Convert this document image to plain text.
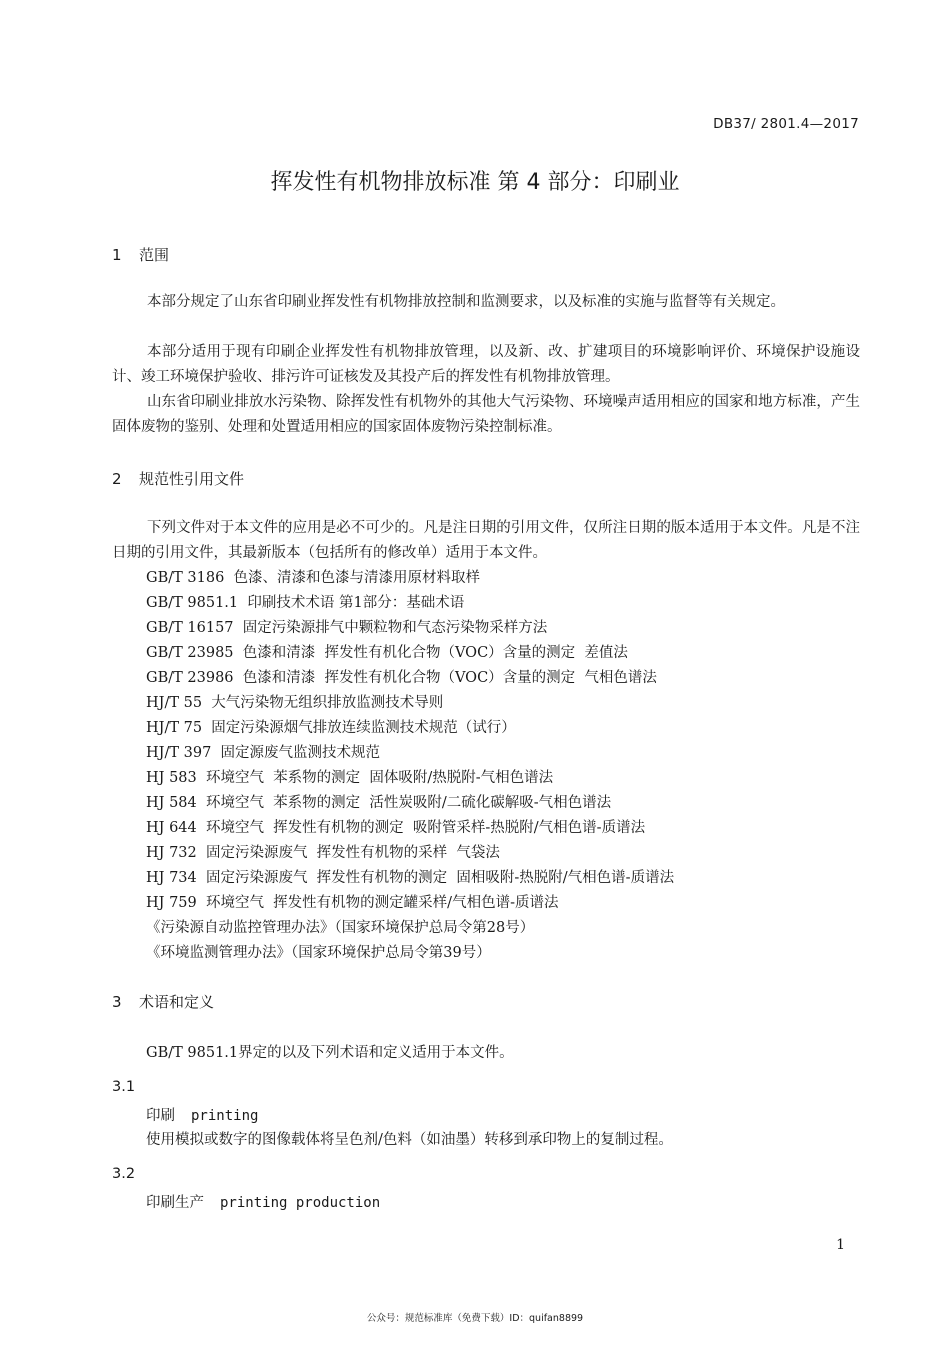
DB37/ 2801.4—2017
挥发性有机物排放标准 第 4 部分：印刷业
1 范围
本部分规定了山东省印刷业挥发性有机物排放控制和监测要求，以及标准的实施与监督等有关规定。
本部分适用于现有印刷企业挥发性有机物排放管理，以及新、改、扩建项目的环境影响评价、环境保护设施设计、竣工环境保护验收、排污许可证核发及其投产后的挥发性有机物排放管理。
山东省印刷业排放水污染物、除挥发性有机物外的其他大气污染物、环境噪声适用相应的国家和地方标准，产生固体废物的鉴别、处理和处置适用相应的国家固体废物污染控制标准。
2 规范性引用文件
下列文件对于本文件的应用是必不可少的。凡是注日期的引用文件，仅所注日期的版本适用于本文件。凡是不注日期的引用文件，其最新版本（包括所有的修改单）适用于本文件。
GB/T 3186  色漆、清漆和色漆与清漆用原材料取样
GB/T 9851.1  印刷技术术语 第1部分：基础术语
GB/T 16157  固定污染源排气中颗粒物和气态污染物采样方法
GB/T 23985  色漆和清漆  挥发性有机化合物（VOC）含量的测定  差值法
GB/T 23986  色漆和清漆  挥发性有机化合物（VOC）含量的测定  气相色谱法
HJ/T 55  大气污染物无组织排放监测技术导则
HJ/T 75  固定污染源烟气排放连续监测技术规范（试行）
HJ/T 397  固定源废气监测技术规范
HJ 583  环境空气  苯系物的测定  固体吸附/热脱附-气相色谱法
HJ 584  环境空气  苯系物的测定  活性炭吸附/二硫化碳解吸-气相色谱法
HJ 644  环境空气  挥发性有机物的测定  吸附管采样-热脱附/气相色谱-质谱法
HJ 732  固定污染源废气  挥发性有机物的采样  气袋法
HJ 734  固定污染源废气  挥发性有机物的测定  固相吸附-热脱附/气相色谱-质谱法
HJ 759  环境空气  挥发性有机物的测定罐采样/气相色谱-质谱法
《污染源自动监控管理办法》（国家环境保护总局令第28号）
《环境监测管理办法》（国家环境保护总局令第39号）
3 术语和定义
GB/T 9851.1界定的以及下列术语和定义适用于本文件。
3.1
印刷 printing
使用模拟或数字的图像载体将呈色剂/色料（如油墨）转移到承印物上的复制过程。
3.2
印刷生产 printing production
1
公众号：规范标准库（免费下载）ID：quifan8899
